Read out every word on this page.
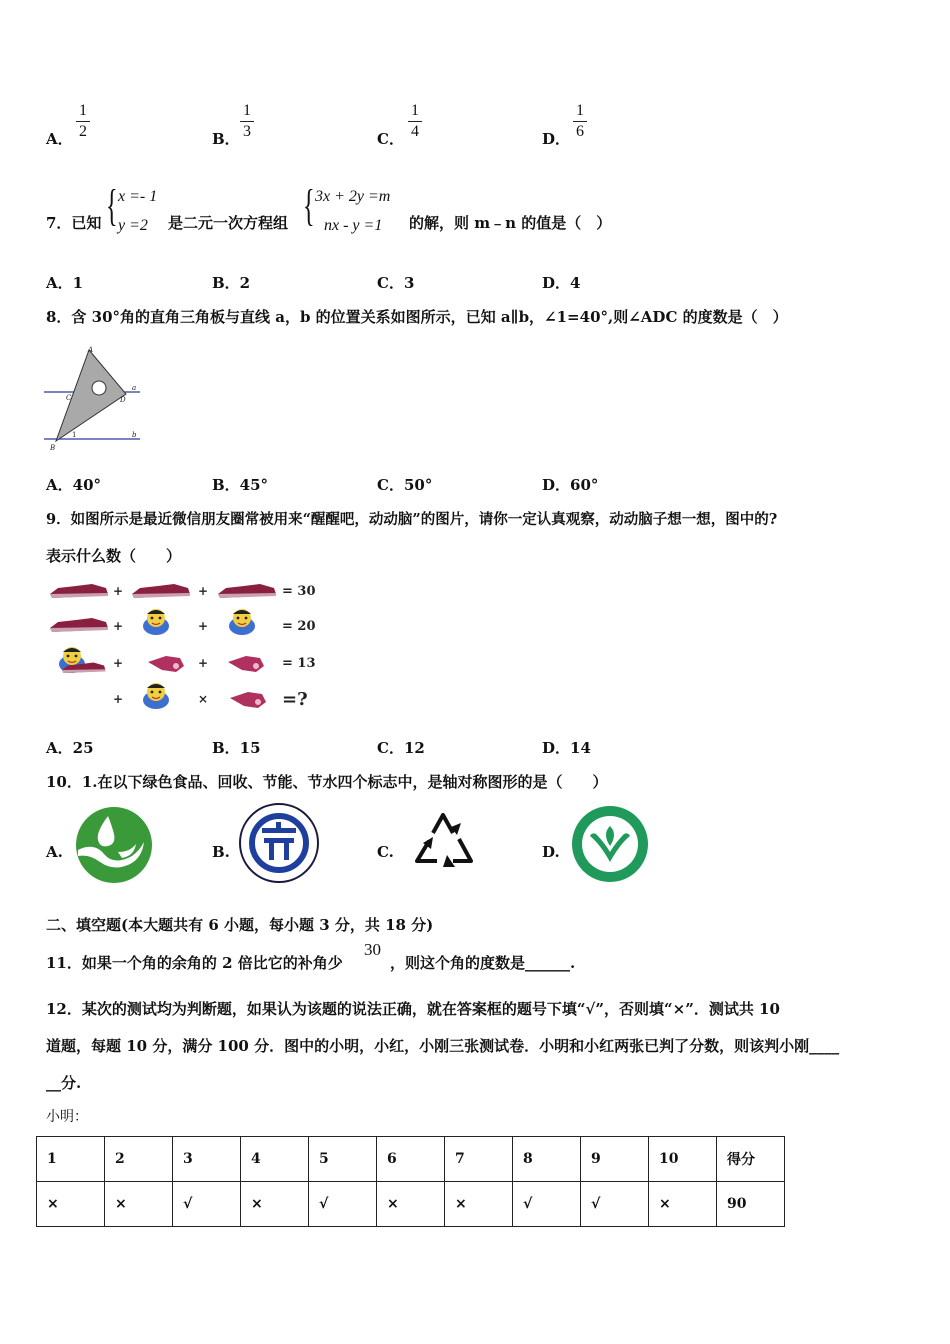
A．
1
2	B．
1
3	C．
1
4	D．
1
6
7．已知 { x =- 1
y =2 是二元一次方程组 { 3x + 2y =m
nx - y =1 的解，则 m﹣n 的值是（　）
A．1	B．2	C．3	D．4
8．含 30°角的直角三角板与直线 a，b 的位置关系如图所示，已知 a∥b，∠1=40°,则∠ADC 的度数是（　）
A
C	D
a
b
B
1
A．40°	B．45°	C．50°	D．60°
9．如图所示是最近微信朋友圈常被用来“醒醒吧，动动脑”的图片，请你一定认真观察，动动脑子想一想，图中的?
表示什么数（　　）
+	+	= 30
+	+	= 20
+	+	= 13
+	×	=?
A．25	B．15	C．12	D．14
10．1.在以下绿色食品、回收、节能、节水四个标志中，是轴对称图形的是（　　）
A.	B.	C.	D.
二、填空题(本大题共有 6 小题，每小题 3 分，共 18 分)
11．如果一个角的余角的 2 倍比它的补角少
30
，则这个角的度数是______.
12．某次的测试均为判断题，如果认为该题的说法正确，就在答案框的题号下填“√”，否则填“×”．测试共 10
道题，每题 10 分，满分 100 分．图中的小明，小红，小刚三张测试卷．小明和小红两张已判了分数，则该判小刚____
__分.
小明：
1	2	3	4	5	6	7	8	9	10	得分
×	×	√	×	√	×	×	√	√	×	90
